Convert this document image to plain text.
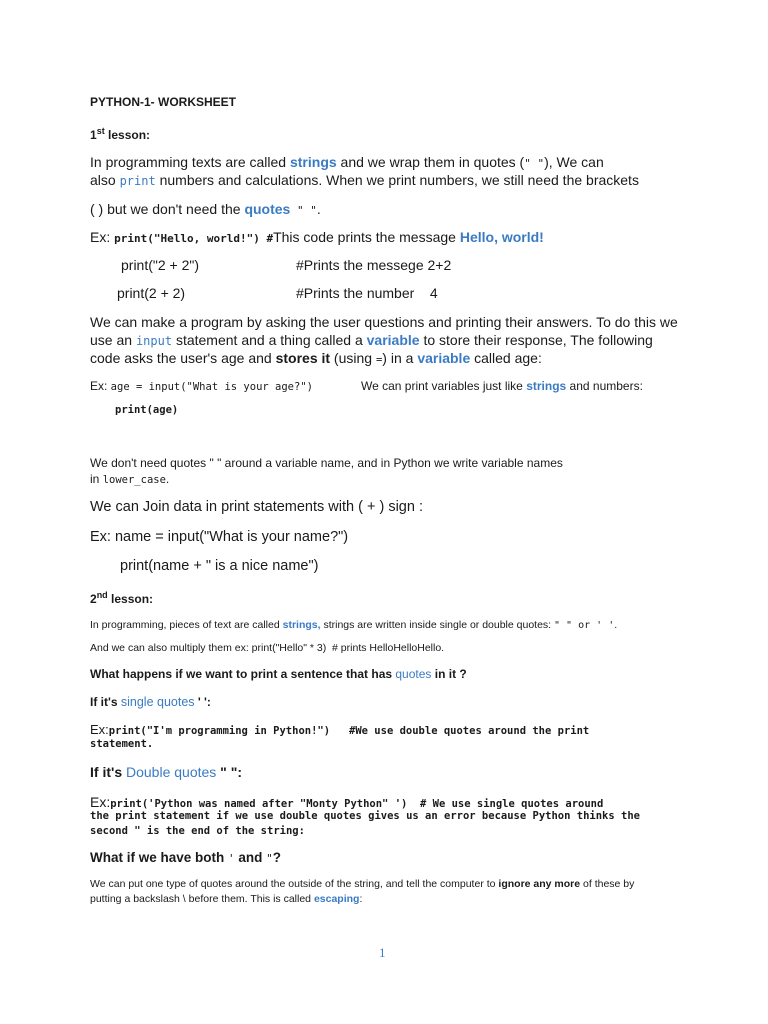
PYTHON-1- WORKSHEET
1st lesson:
In programming texts are called strings and we wrap them in quotes (" "), We can
also print numbers and calculations. When we print numbers, we still need the brackets
( ) but we don't need the quotes " ".
Ex: print("Hello, world!") #This code prints the message Hello, world!
print("2 + 2")	#Prints the messege 2+2
print(2 + 2)	#Prints the number    4
We can make a program by asking the user questions and printing their answers. To do this we
use an input statement and a thing called a variable to store their response, The following
code asks the user's age and stores it (using =) in a variable called age:
Ex: age = input("What is your age?")	We can print variables just like strings and numbers:
print(age)
We don't need quotes " " around a variable name, and in Python we write variable names
in lower_case.
We can Join data in print statements with ( + ) sign :
Ex: name = input("What is your name?")
print(name + " is a nice name")
2nd lesson:
In programming, pieces of text are called strings, strings are written inside single or double quotes: " " or ' '.
And we can also multiply them ex: print("Hello" * 3)  # prints HelloHelloHello.
What happens if we want to print a sentence that has quotes in it ?
If it's single quotes ' ':
Ex:print("I'm programming in Python!")   #We use double quotes around the print
statement.
If it's Double quotes " ":
Ex:print('Python was named after "Monty Python" ')  # We use single quotes around
the print statement if we use double quotes gives us an error because Python thinks the
second " is the end of the string:
What if we have both ' and "?
We can put one type of quotes around the outside of the string, and tell the computer to ignore any more of these by
putting a backslash \ before them. This is called escaping:
1
